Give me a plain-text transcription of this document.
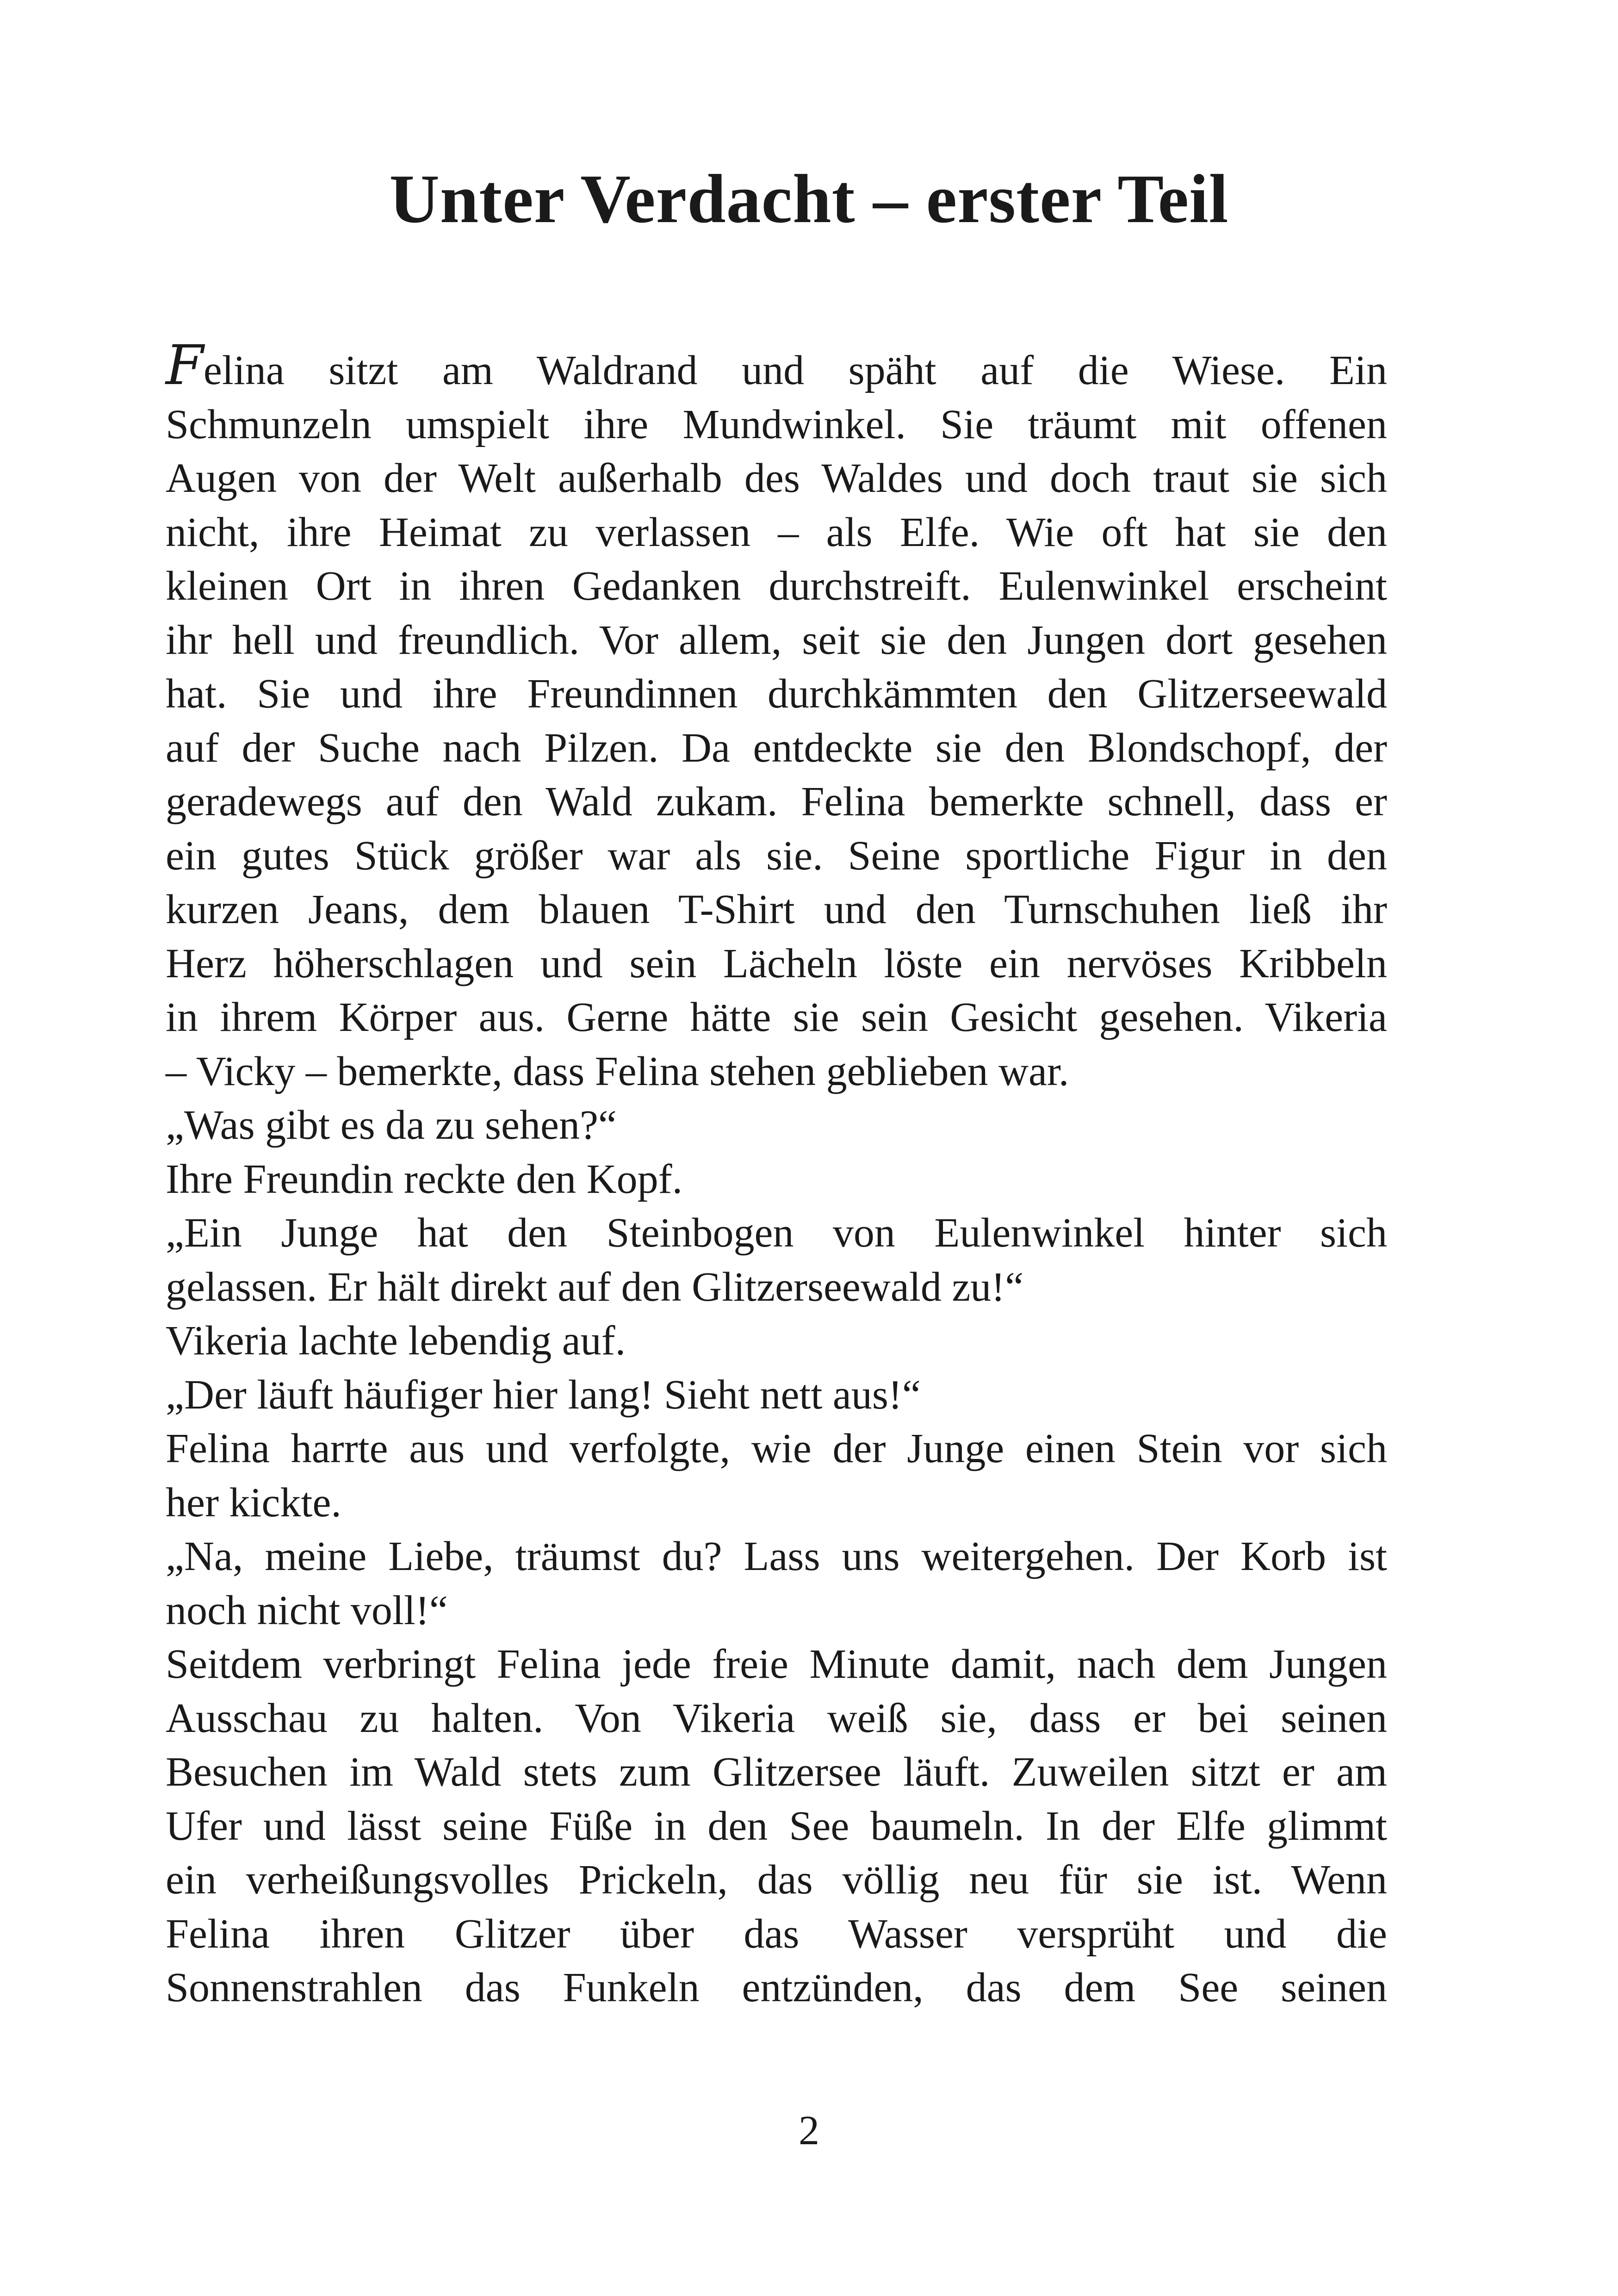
Unter Verdacht – erster Teil
Felina sitzt am Waldrand und späht auf die Wiese. Ein
Schmunzeln umspielt ihre Mundwinkel. Sie träumt mit offenen
Augen von der Welt außerhalb des Waldes und doch traut sie sich
nicht, ihre Heimat zu verlassen – als Elfe. Wie oft hat sie den
kleinen Ort in ihren Gedanken durchstreift. Eulenwinkel erscheint
ihr hell und freundlich. Vor allem, seit sie den Jungen dort gesehen
hat. Sie und ihre Freundinnen durchkämmten den Glitzerseewald
auf der Suche nach Pilzen. Da entdeckte sie den Blondschopf, der
geradewegs auf den Wald zukam. Felina bemerkte schnell, dass er
ein gutes Stück größer war als sie. Seine sportliche Figur in den
kurzen Jeans, dem blauen T-Shirt und den Turnschuhen ließ ihr
Herz höherschlagen und sein Lächeln löste ein nervöses Kribbeln
in ihrem Körper aus. Gerne hätte sie sein Gesicht gesehen. Vikeria
– Vicky – bemerkte, dass Felina stehen geblieben war.
„Was gibt es da zu sehen?“
Ihre Freundin reckte den Kopf.
„Ein Junge hat den Steinbogen von Eulenwinkel hinter sich
gelassen. Er hält direkt auf den Glitzerseewald zu!“
Vikeria lachte lebendig auf.
„Der läuft häufiger hier lang! Sieht nett aus!“
Felina harrte aus und verfolgte, wie der Junge einen Stein vor sich
her kickte.
„Na, meine Liebe, träumst du? Lass uns weitergehen. Der Korb ist
noch nicht voll!“
Seitdem verbringt Felina jede freie Minute damit, nach dem Jungen
Ausschau zu halten. Von Vikeria weiß sie, dass er bei seinen
Besuchen im Wald stets zum Glitzersee läuft. Zuweilen sitzt er am
Ufer und lässt seine Füße in den See baumeln. In der Elfe glimmt
ein verheißungsvolles Prickeln, das völlig neu für sie ist. Wenn
Felina ihren Glitzer über das Wasser versprüht und die
Sonnenstrahlen das Funkeln entzünden, das dem See seinen
2
